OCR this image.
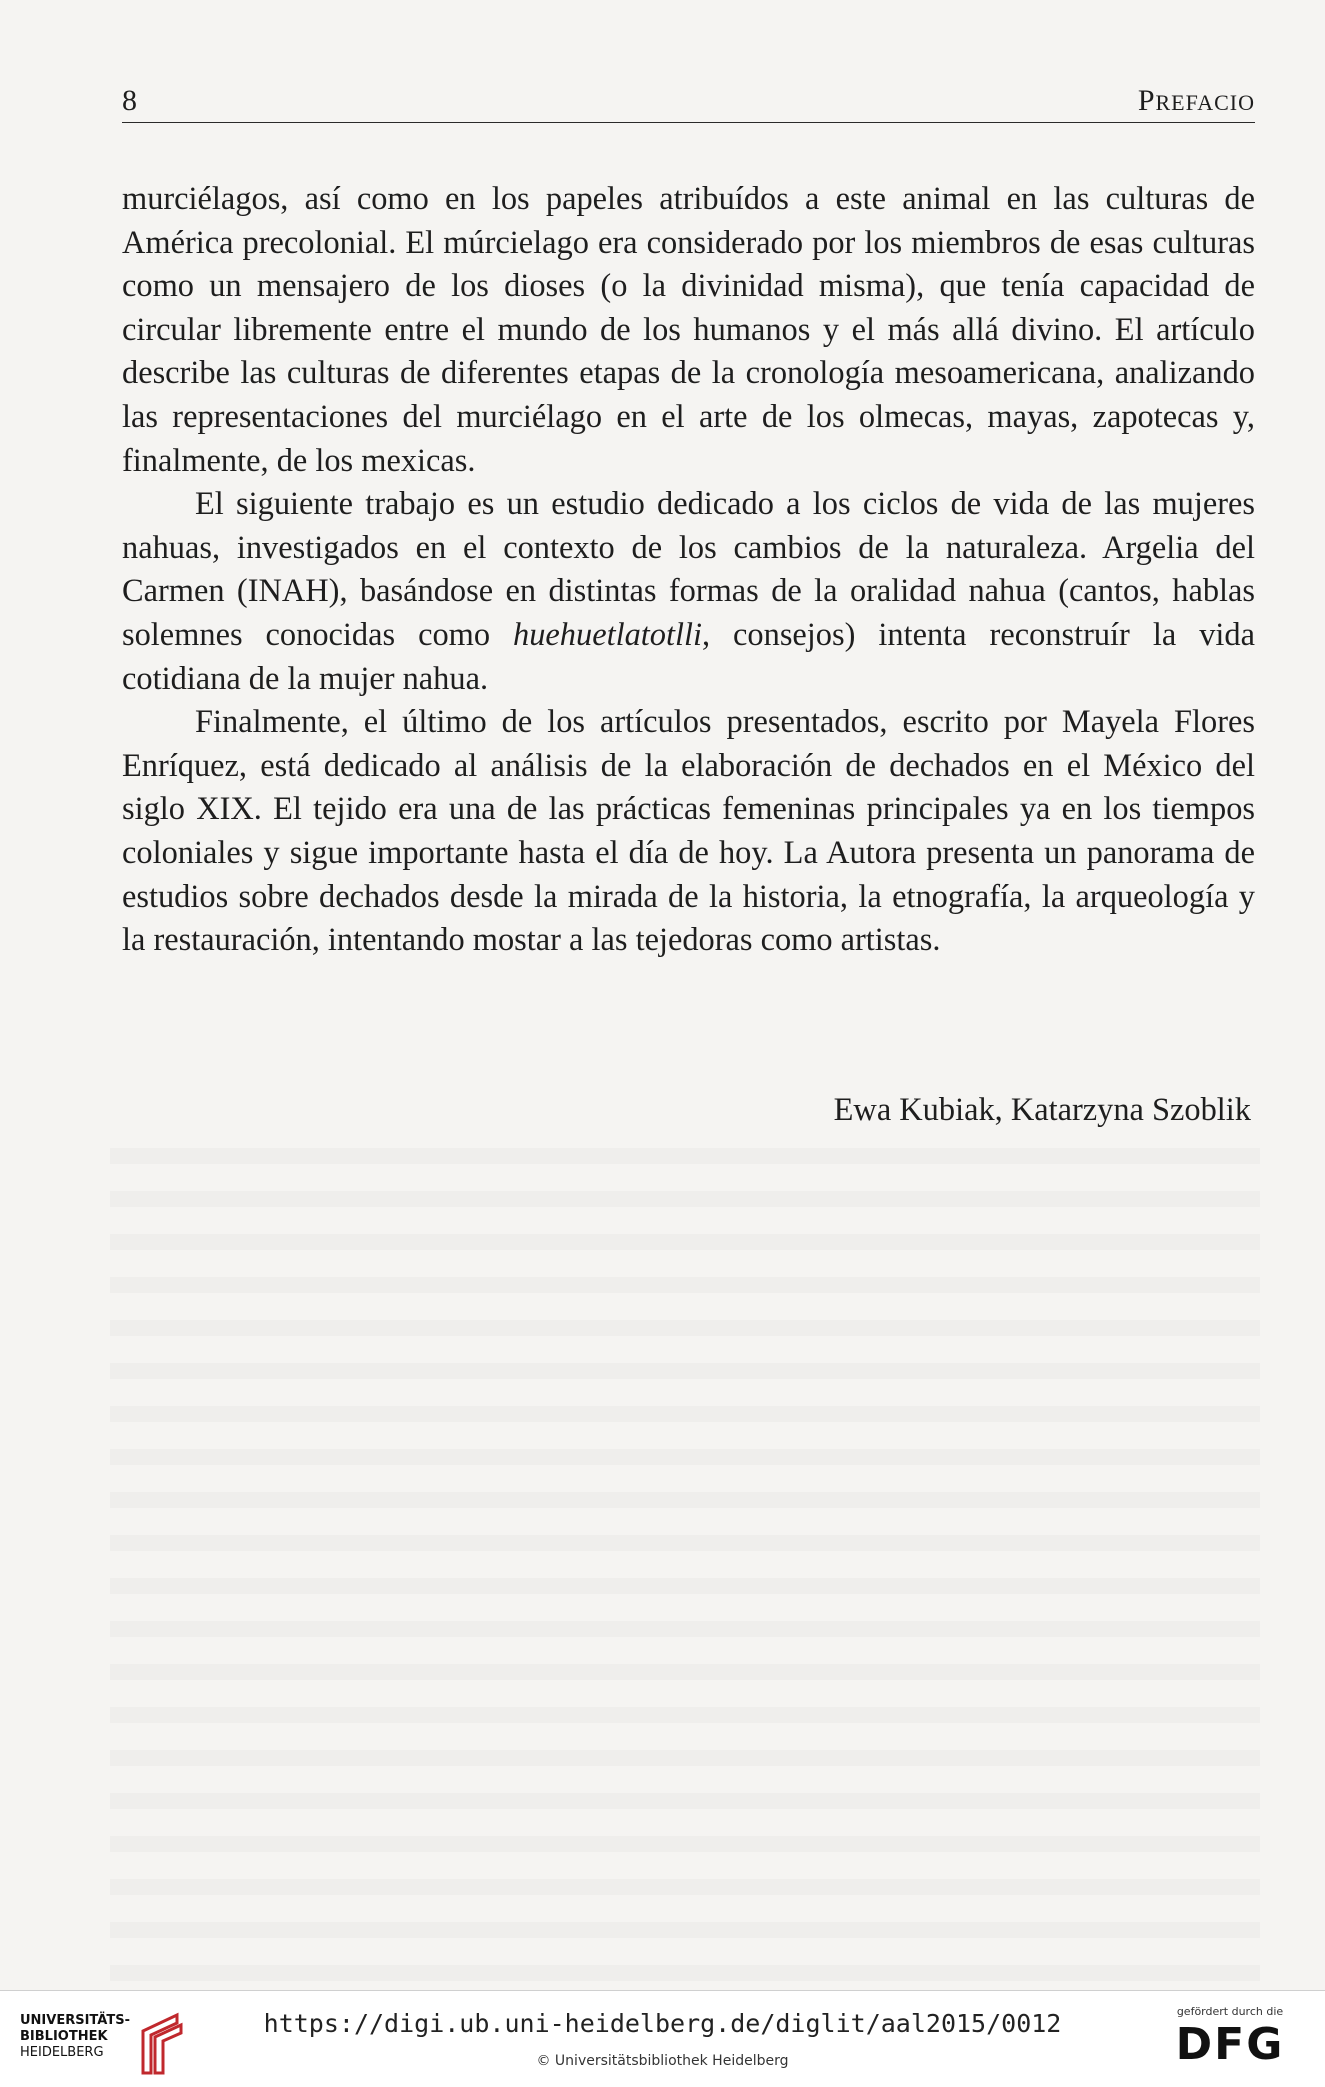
8	PREFACIO

murciélagos, así como en los papeles atribuídos a este animal en las culturas de América precolonial. El múrcielago era considerado por los miembros de esas culturas como un mensajero de los dioses (o la divinidad misma), que tenía capacidad de circular libremente entre el mundo de los humanos y el más allá divino. El artículo describe las culturas de diferentes etapas de la cronología mesoamericana, analizando las representaciones del murciélago en el arte de los olmecas, mayas, zapotecas y, finalmente, de los mexicas.

El siguiente trabajo es un estudio dedicado a los ciclos de vida de las mujeres nahuas, investigados en el contexto de los cambios de la naturaleza. Argelia del Carmen (INAH), basándose en distintas formas de la oralidad nahua (cantos, hablas solemnes conocidas como huehuetlatotlli, consejos) intenta reconstruír la vida cotidiana de la mujer nahua.

Finalmente, el último de los artículos presentados, escrito por Mayela Flores Enríquez, está dedicado al análisis de la elaboración de dechados en el México del siglo XIX. El tejido era una de las prácticas femeninas principales ya en los tiempos coloniales y sigue importante hasta el día de hoy. La Autora presenta un panorama de estudios sobre dechados desde la mirada de la historia, la etnografía, la arqueología y la restauración, intentando mostar a las tejedoras como artistas.

Ewa Kubiak, Katarzyna Szoblik
UNIVERSITÄTS-
BIBLIOTHEK
HEIDELBERG
https://digi.ub.uni-heidelberg.de/diglit/aal2015/0012
© Universitätsbibliothek Heidelberg
gefördert durch die
DFG
